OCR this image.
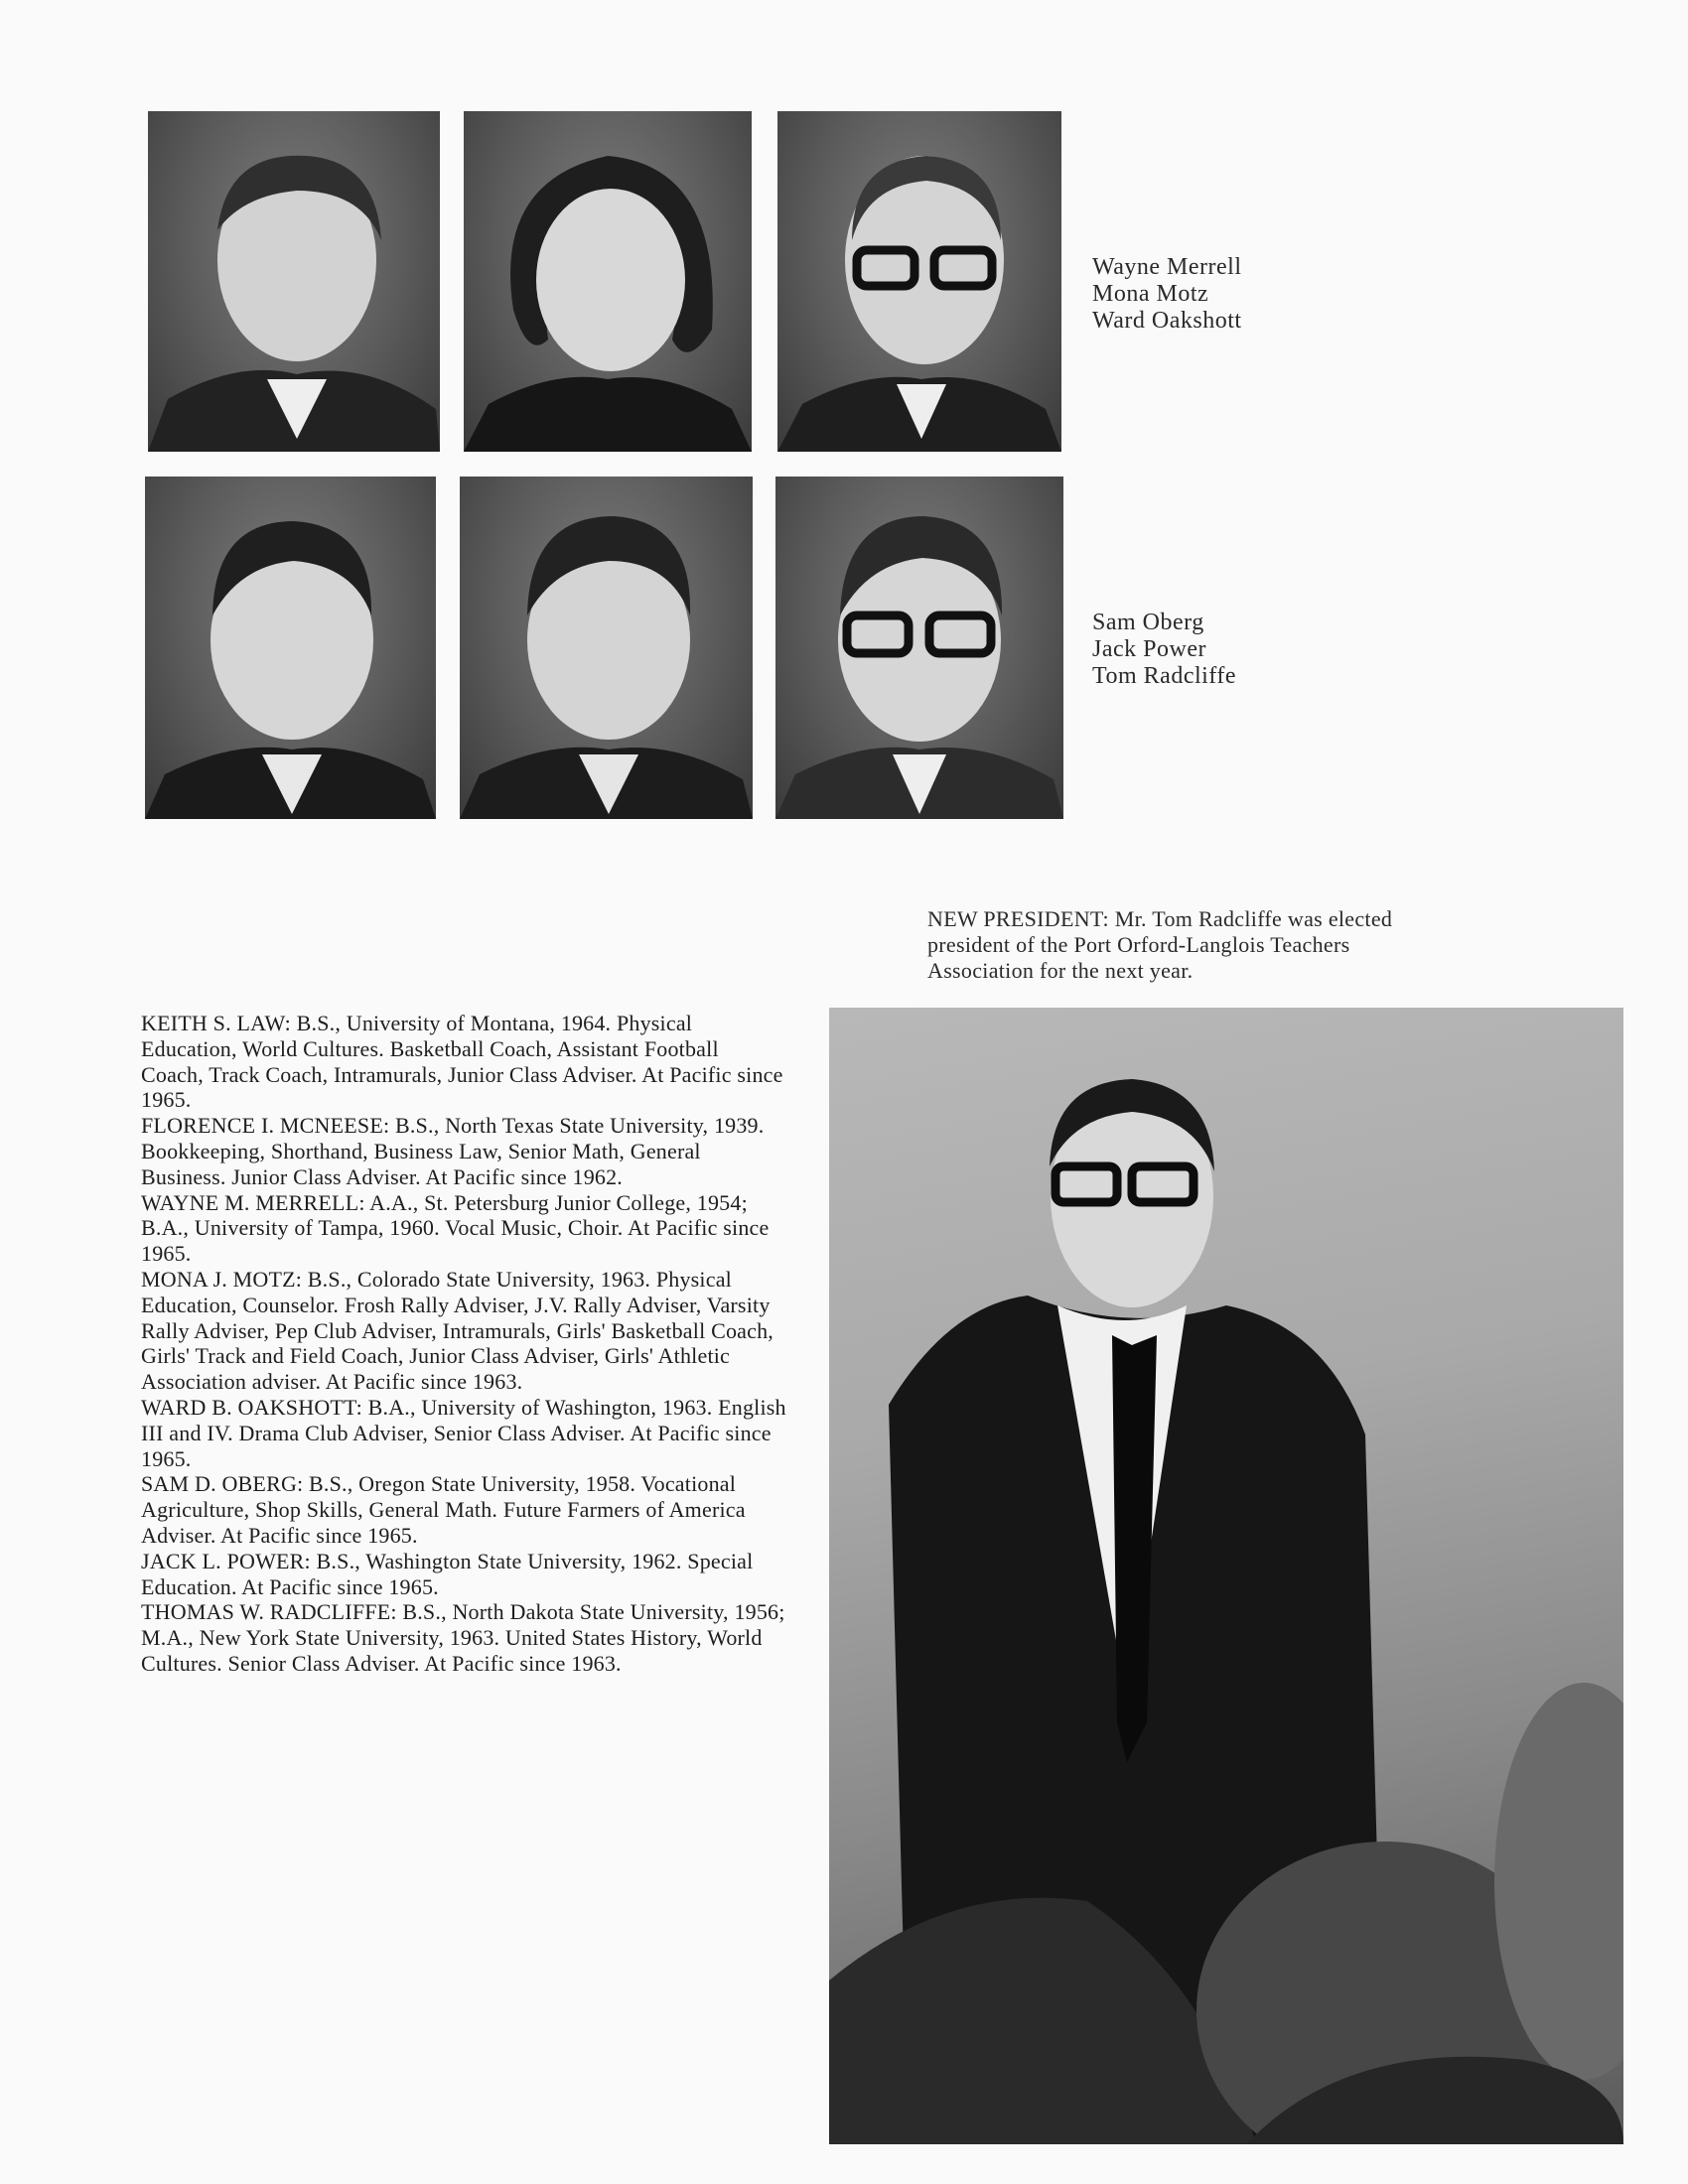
Wayne Merrell
Mona Motz
Ward Oakshott
Sam Oberg
Jack Power
Tom Radcliffe
NEW PRESIDENT: Mr. Tom Radcliffe was elected
president of the Port Orford-Langlois Teachers
Association for the next year.

KEITH S. LAW: B.S., University of Montana, 1964. Physical Education, World Cultures. Basketball Coach, Assistant Football Coach, Track Coach, Intramurals, Junior Class Adviser. At Pacific since 1965.

FLORENCE I. MCNEESE: B.S., North Texas State University, 1939. Bookkeeping, Shorthand, Business Law, Senior Math, General Business. Junior Class Adviser. At Pacific since 1962.

WAYNE M. MERRELL: A.A., St. Petersburg Junior College, 1954; B.A., University of Tampa, 1960. Vocal Music, Choir. At Pacific since 1965.

MONA J. MOTZ: B.S., Colorado State University, 1963. Physical Education, Counselor. Frosh Rally Adviser, J.V. Rally Adviser, Varsity Rally Adviser, Pep Club Adviser, Intramurals, Girls' Basketball Coach, Girls' Track and Field Coach, Junior Class Adviser, Girls' Athletic Association adviser. At Pacific since 1963.

WARD B. OAKSHOTT: B.A., University of Washington, 1963. English III and IV. Drama Club Adviser, Senior Class Adviser. At Pacific since 1965.

SAM D. OBERG: B.S., Oregon State University, 1958. Vocational Agriculture, Shop Skills, General Math. Future Farmers of America Adviser. At Pacific since 1965.

JACK L. POWER: B.S., Washington State University, 1962. Special Education. At Pacific since 1965.

THOMAS W. RADCLIFFE: B.S., North Dakota State University, 1956; M.A., New York State University, 1963. United States History, World Cultures. Senior Class Adviser. At Pacific since 1963.
